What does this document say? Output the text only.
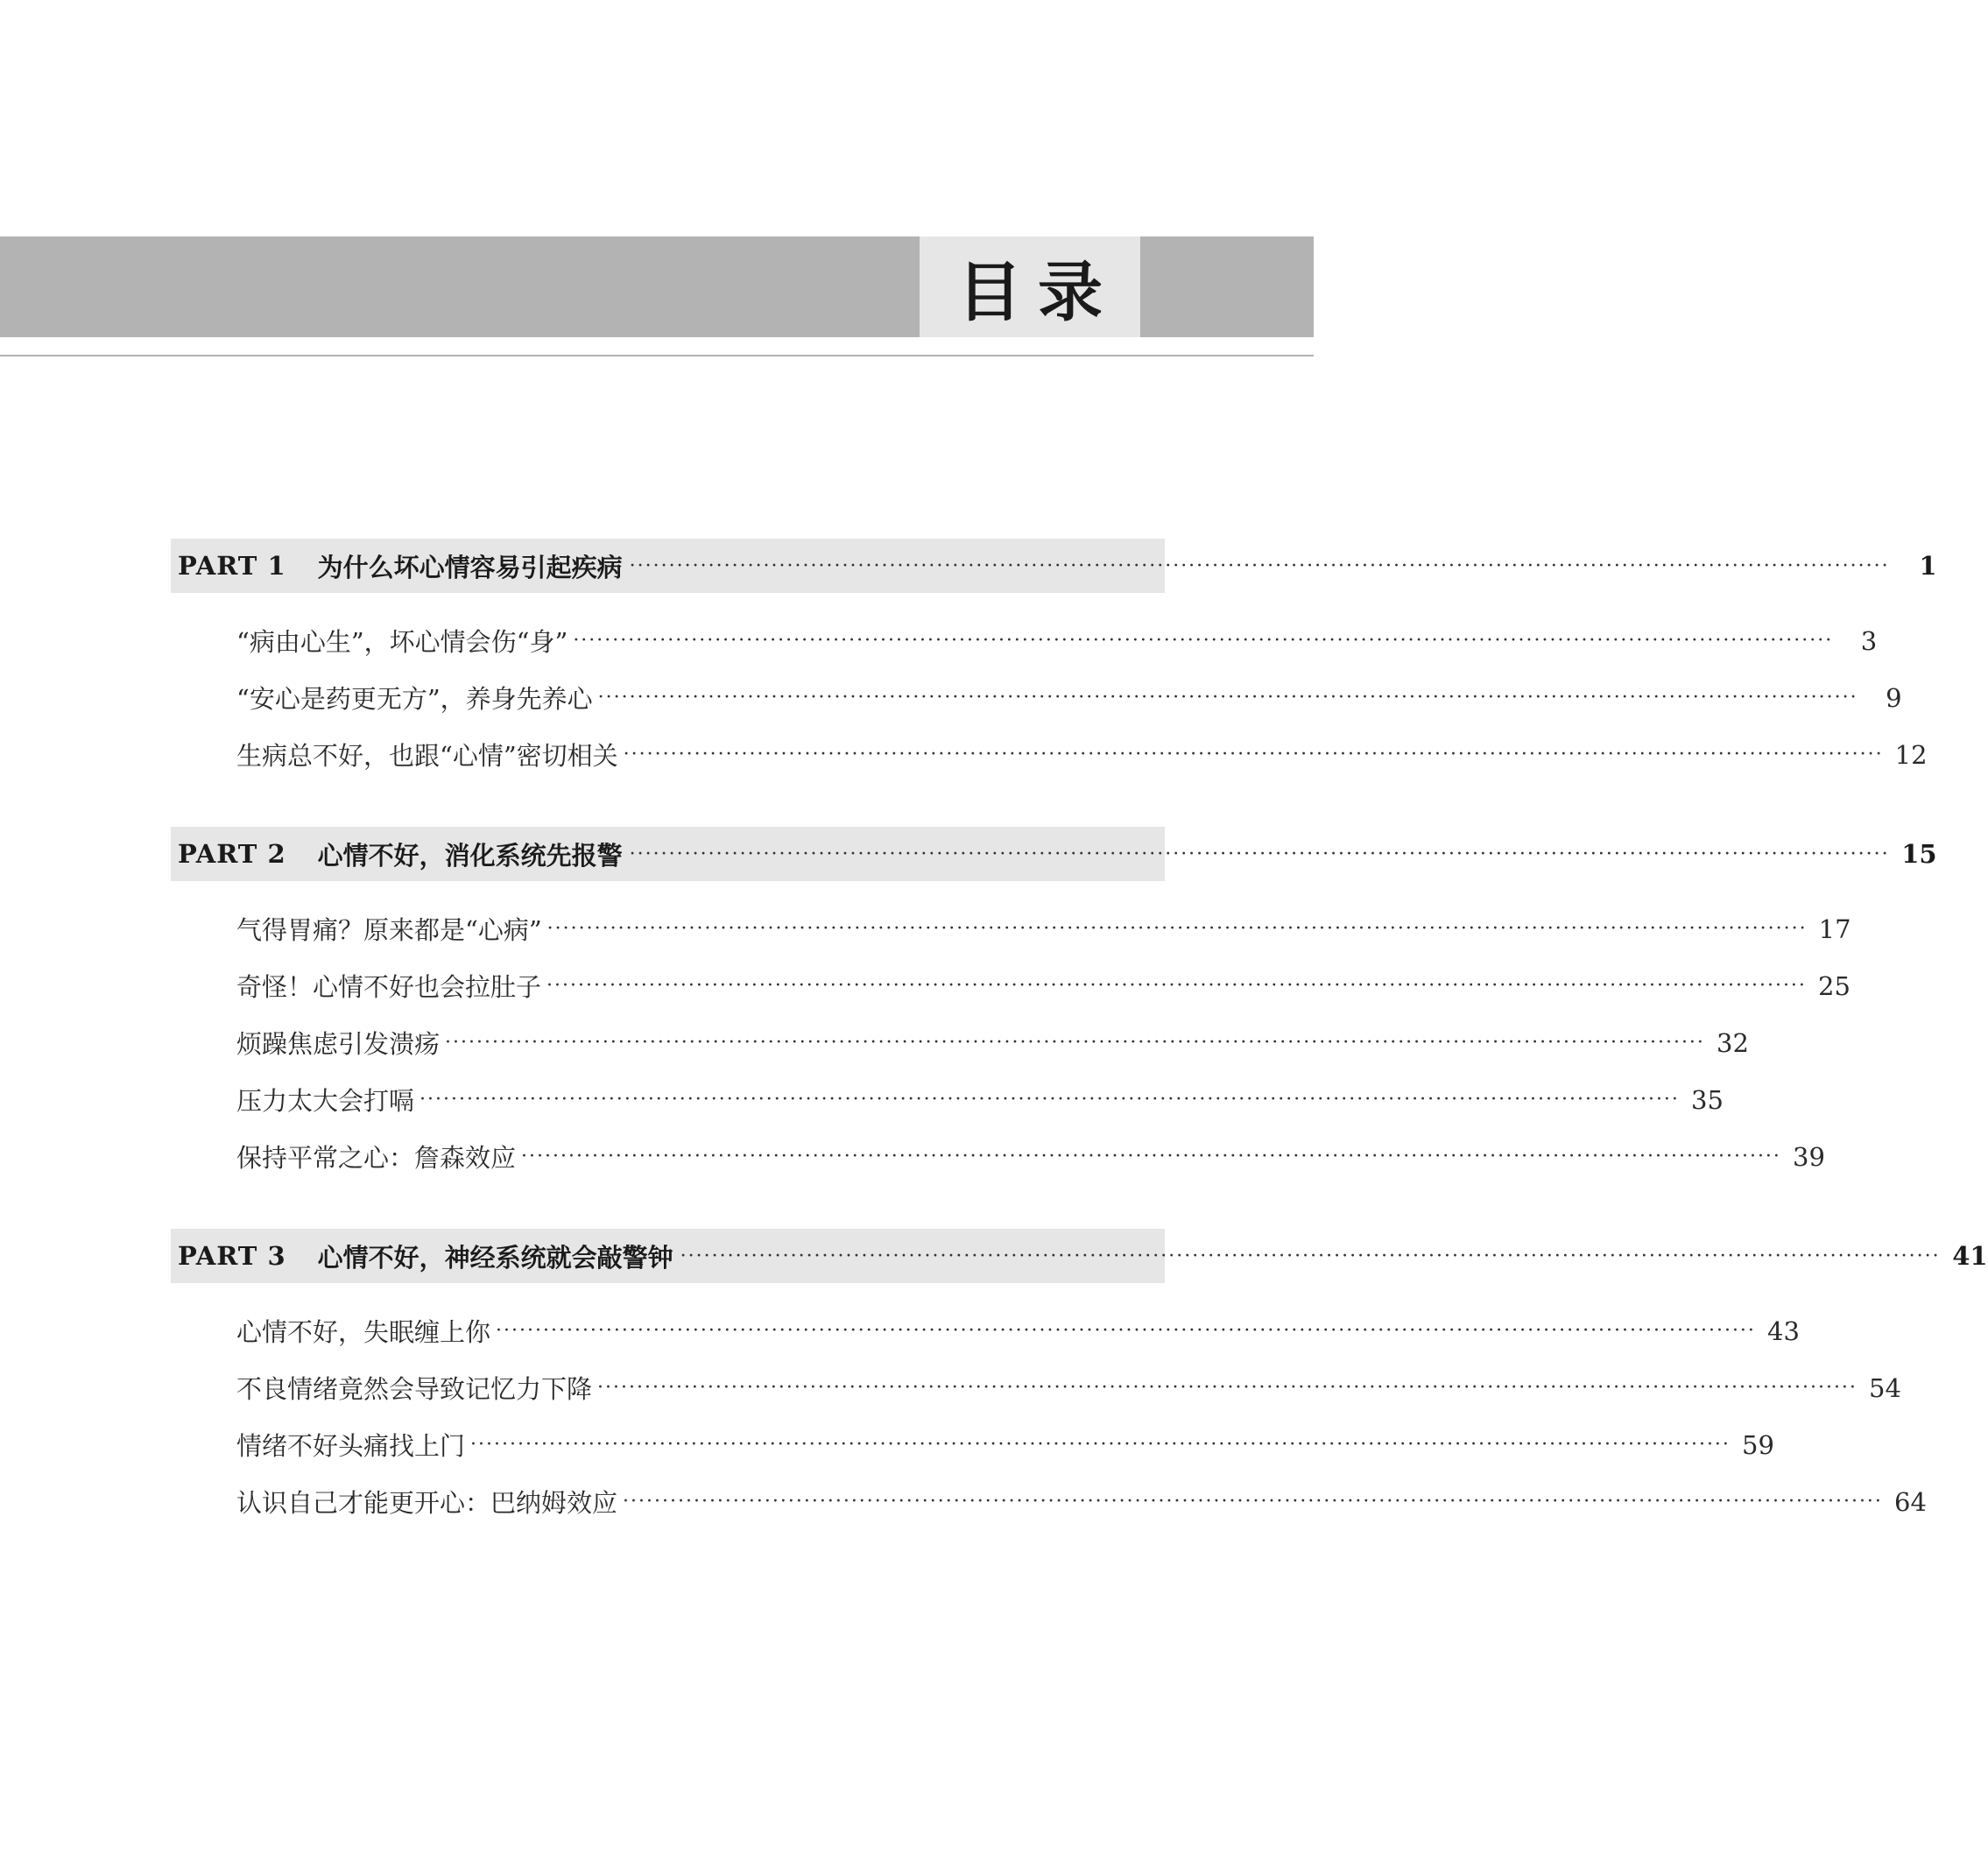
目录
PART 1 为什么坏心情容易引起疾病 ································································································································································	1
“病由心生”，坏心情会伤“身” ································································································································································	3
“安心是药更无方”，养身先养心 ································································································································································	9
生病总不好，也跟“心情”密切相关 ································································································································································ 12
PART 2 心情不好，消化系统先报警 ································································································································································ 15
气得胃痛？原来都是“心病” ································································································································································ 17
奇怪！心情不好也会拉肚子 ································································································································································ 25
烦躁焦虑引发溃疡 ································································································································································ 32
压力太大会打嗝 ································································································································································ 35
保持平常之心：詹森效应 ································································································································································ 39
PART 3 心情不好，神经系统就会敲警钟 ································································································································································ 41
心情不好，失眠缠上你 ································································································································································ 43
不良情绪竟然会导致记忆力下降 ································································································································································ 54
情绪不好头痛找上门 ································································································································································ 59
认识自己才能更开心：巴纳姆效应 ································································································································································ 64
